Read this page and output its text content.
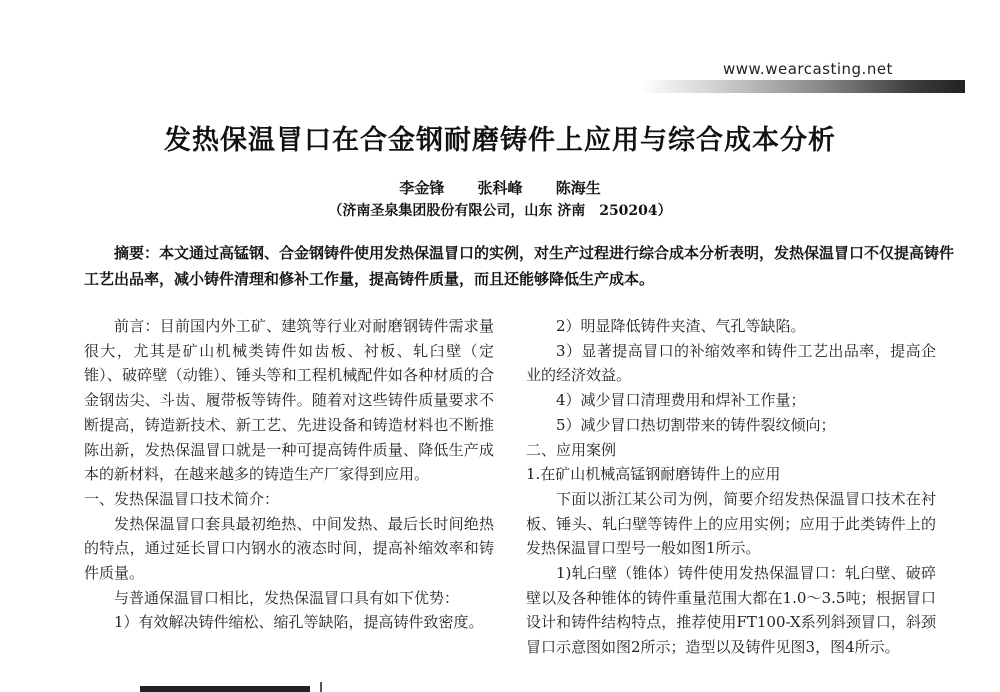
www.wearcasting.net
发热保温冒口在合金钢耐磨铸件上应用与综合成本分析
李金锋 张科峰 陈海生
（济南圣泉集团股份有限公司，山东 济南　250204）
摘要：本文通过高锰钢、合金钢铸件使用发热保温冒口的实例，对生产过程进行综合成本分析表明，发热保温冒口不仅提高铸件工艺出品率，减小铸件清理和修补工作量，提高铸件质量，而且还能够降低生产成本。

前言：目前国内外工矿、建筑等行业对耐磨钢铸件需求量很大，尤其是矿山机械类铸件如齿板、衬板、轧臼壁（定锥）、破碎壁（动锥）、锤头等和工程机械配件如各种材质的合金钢齿尖、斗齿、履带板等铸件。随着对这些铸件质量要求不断提高，铸造新技术、新工艺、先进设备和铸造材料也不断推陈出新，发热保温冒口就是一种可提高铸件质量、降低生产成本的新材料，在越来越多的铸造生产厂家得到应用。

一、发热保温冒口技术简介：

发热保温冒口套具最初绝热、中间发热、最后长时间绝热的特点，通过延长冒口内钢水的液态时间，提高补缩效率和铸件质量。

与普通保温冒口相比，发热保温冒口具有如下优势：

1）有效解决铸件缩松、缩孔等缺陷，提高铸件致密度。

2）明显降低铸件夹渣、气孔等缺陷。

3）显著提高冒口的补缩效率和铸件工艺出品率，提高企业的经济效益。

4）减少冒口清理费用和焊补工作量；

5）减少冒口热切割带来的铸件裂纹倾向；

二、应用案例

1.在矿山机械高锰钢耐磨铸件上的应用

下面以浙江某公司为例，简要介绍发热保温冒口技术在衬板、锤头、轧臼壁等铸件上的应用实例；应用于此类铸件上的发热保温冒口型号一般如图1所示。

1)轧臼壁（锥体）铸件使用发热保温冒口：轧臼壁、破碎壁以及各种锥体的铸件重量范围大都在1.0～3.5吨；根据冒口设计和铸件结构特点，推荐使用FT100-X系列斜颈冒口，斜颈冒口示意图如图2所示；造型以及铸件见图3，图4所示。
